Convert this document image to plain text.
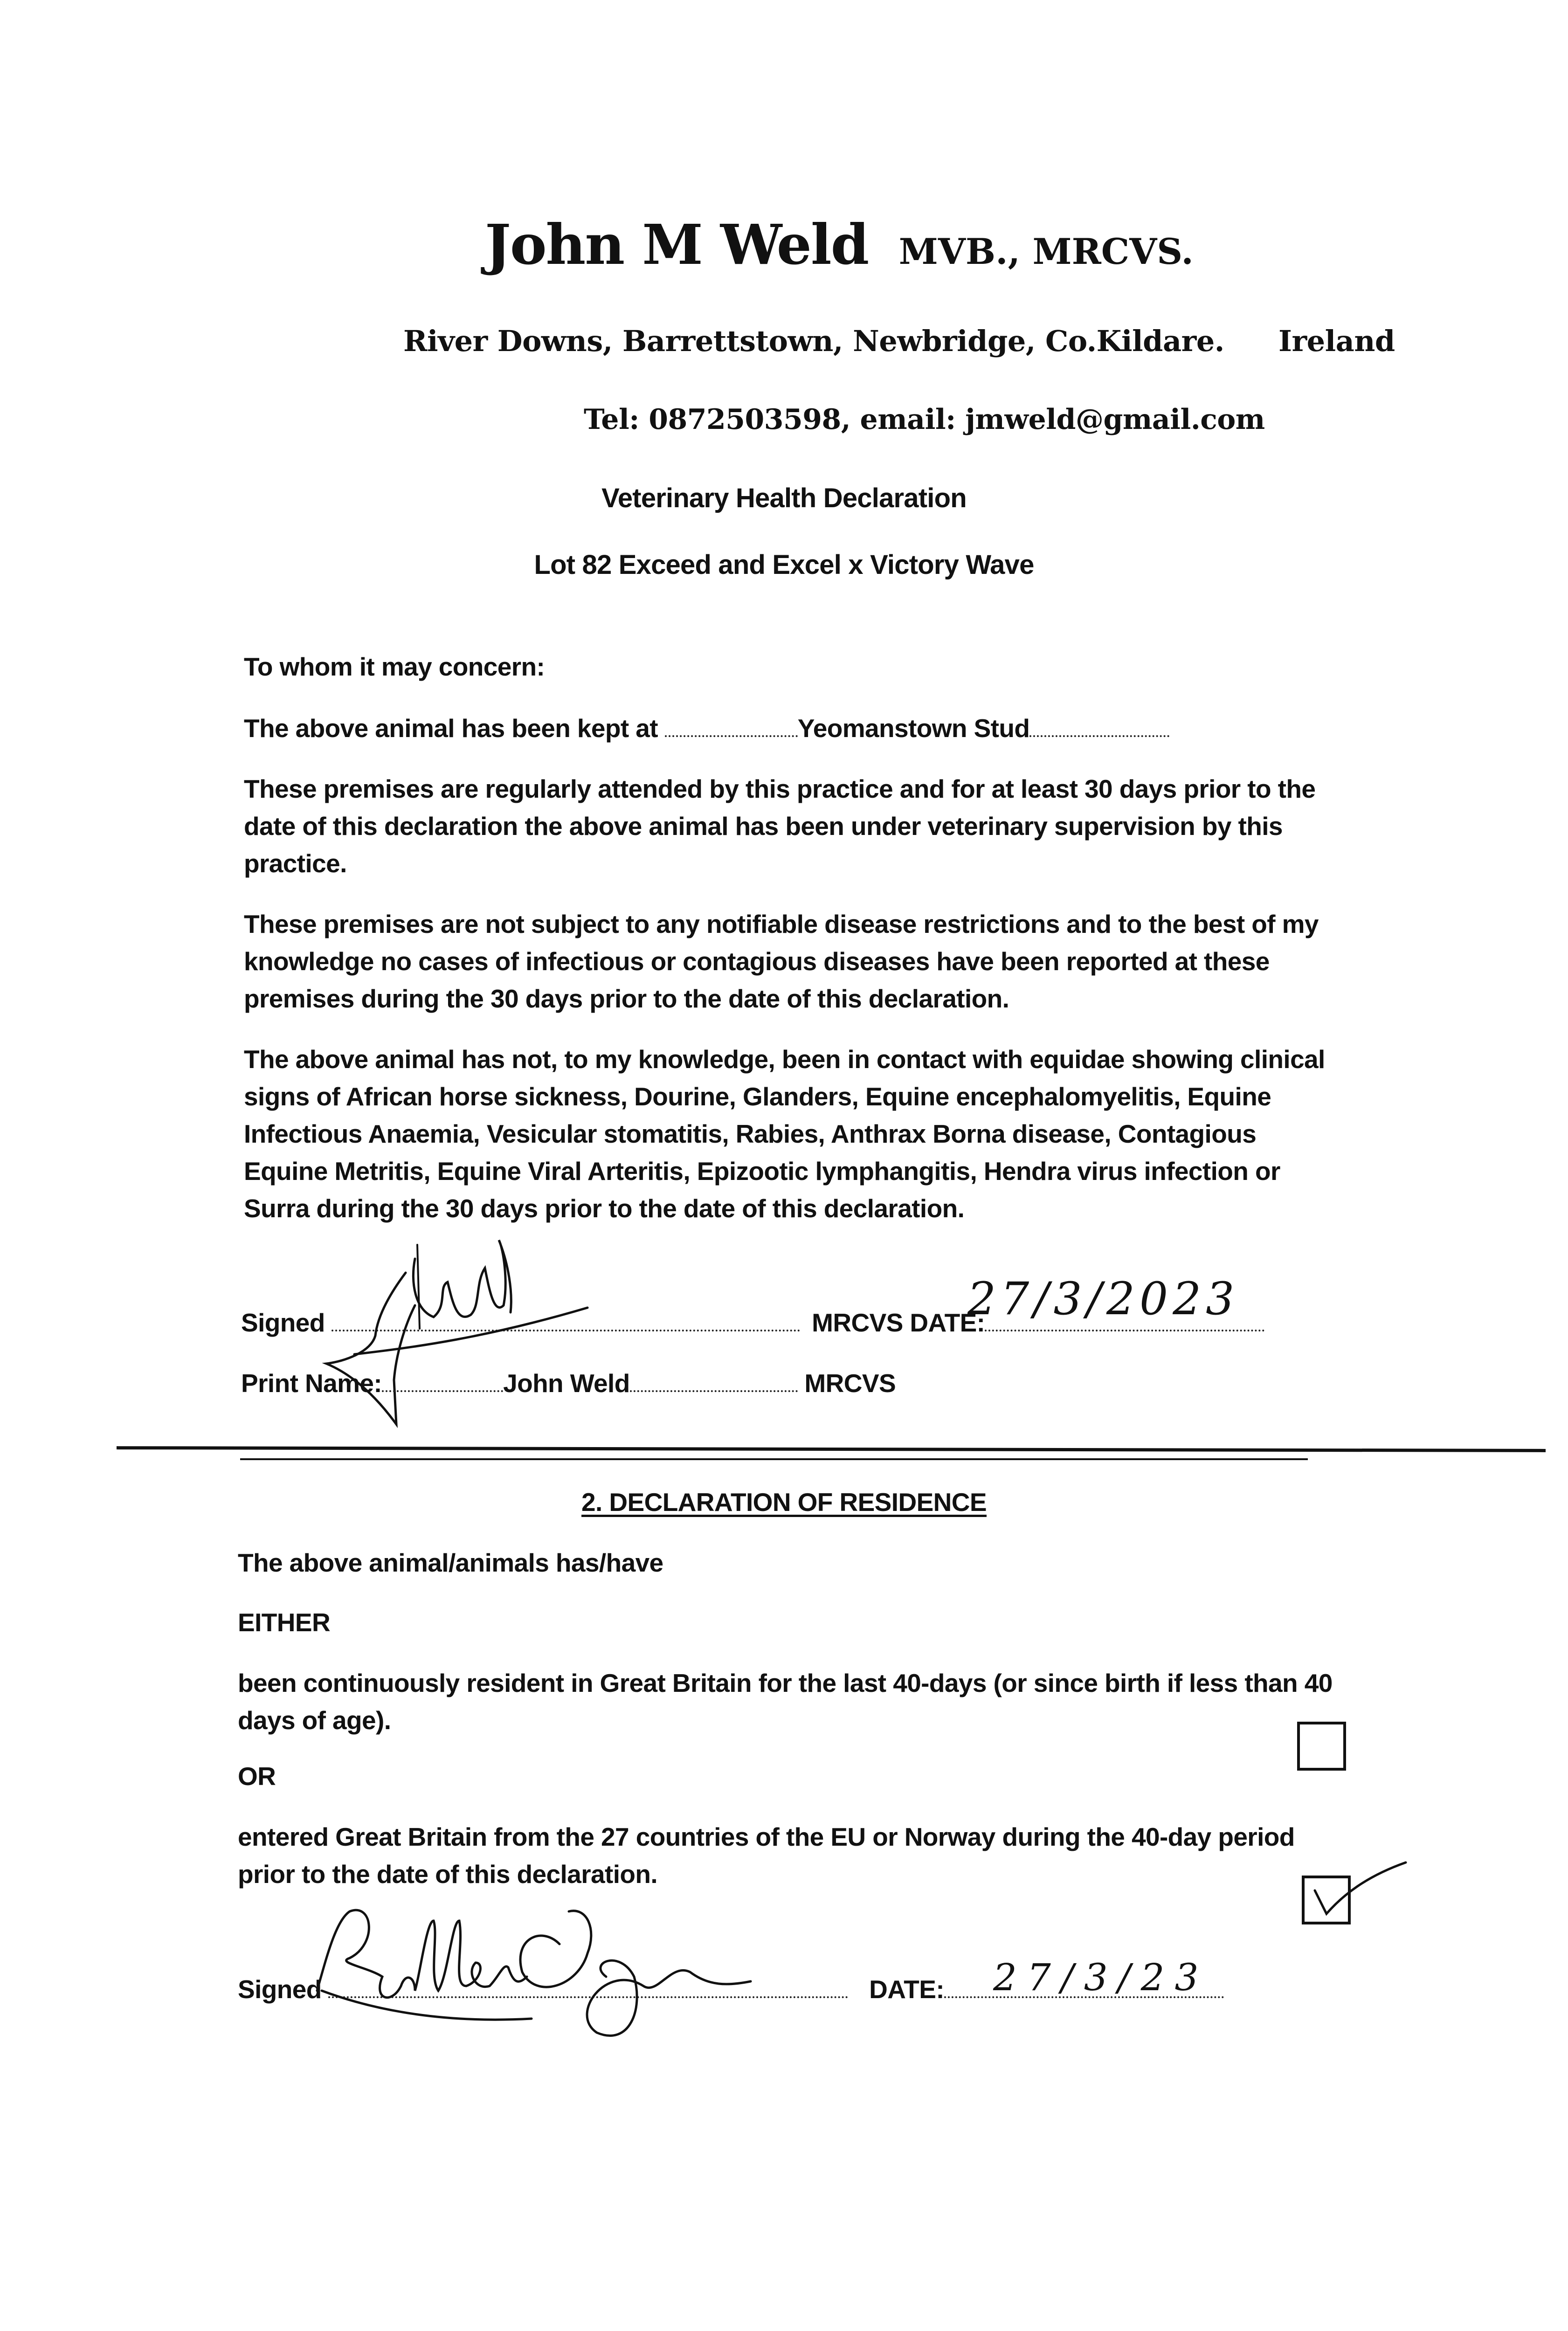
John M Weld MVB., MRCVS.
River Downs, Barrettstown, Newbridge, Co.Kildare. Ireland
Tel: 0872503598, email: jmweld@gmail.com
Veterinary Health Declaration
Lot 82 Exceed and Excel x Victory Wave
To whom it may concern:
The above animal has been kept at	Yeomanstown Stud

These premises are regularly attended by this practice and for at least 30 days prior to the date of this declaration the above animal has been under veterinary supervision by this practice.

These premises are not subject to any notifiable disease restrictions and to the best of my knowledge no cases of infectious or contagious diseases have been reported at these premises during the 30 days prior to the date of this declaration.

The above animal has not, to my knowledge, been in contact with equidae showing clinical signs of African horse sickness, Dourine, Glanders, Equine encephalomyelitis, Equine Infectious Anaemia, Vesicular stomatitis, Rabies, Anthrax Borna disease, Contagious Equine Metritis, Equine Viral Arteritis, Epizootic lymphangitis, Hendra virus infection or Surra during the 30 days prior to the date of this declaration.

Signed	MRCVS DATE:
27/3/2023
Print Name:	John Weld	MRCVS
2. DECLARATION OF RESIDENCE
The above animal/animals has/have
EITHER

been continuously resident in Great Britain for the last 40-days (or since birth if less than 40 days of age).

OR

entered Great Britain from the 27 countries of the EU or Norway during the 40-day period prior to the date of this declaration.

Signed	DATE:	27/3/23
